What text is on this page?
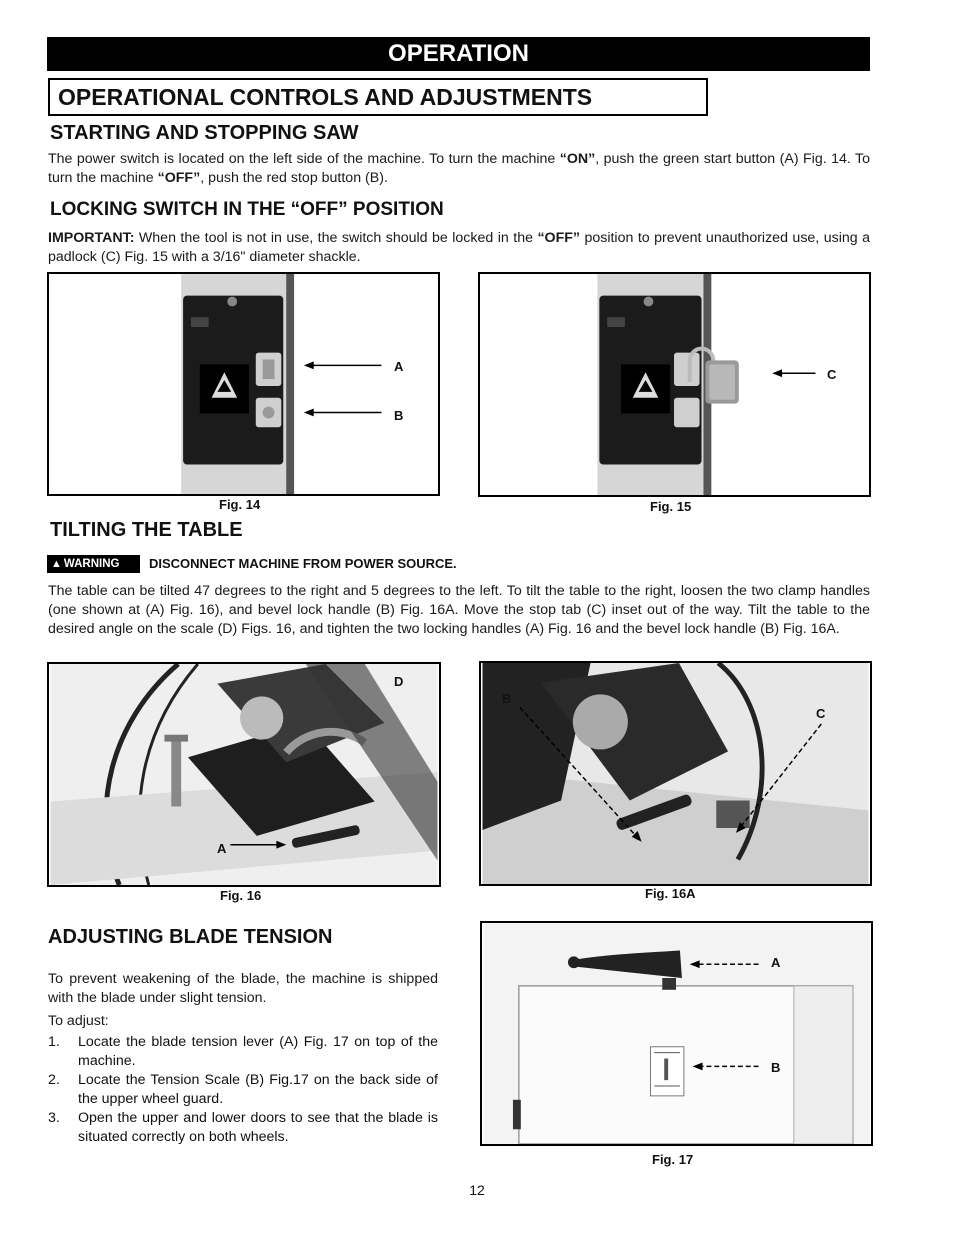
OPERATION
OPERATIONAL CONTROLS AND ADJUSTMENTS
STARTING AND STOPPING SAW

The power switch is located on the left side of the machine. To turn the machine “ON”, push the green start button (A) Fig. 14. To turn the machine “OFF”, push the red stop button (B).

LOCKING SWITCH IN THE “OFF” POSITION

IMPORTANT: When the tool is not in use, the switch should be locked in the “OFF” position to prevent unauthorized use, using a padlock (C) Fig. 15 with a 3/16" diameter shackle.

A
B
Fig. 14
C
Fig. 15
TILTING THE TABLE
▲ WARNING	DISCONNECT MACHINE FROM POWER SOURCE.

The table can be tilted 47 degrees to the right and 5 degrees to the left. To tilt the table to the right, loosen the two clamp handles (one shown at (A) Fig. 16), and bevel lock handle (B) Fig. 16A. Move the stop tab (C) inset out of the way. Tilt the table to the desired angle on the scale (D) Figs. 16, and tighten the two locking handles (A) Fig. 16 and the bevel lock handle (B) Fig. 16A.

D
A
Fig. 16
B
C
Fig. 16A
ADJUSTING BLADE TENSION

To prevent weakening of the blade, the machine is shipped with the blade under slight tension.

To adjust:

1. Locate the blade tension lever (A) Fig. 17 on top of the machine.
2. Locate the Tension Scale (B) Fig.17 on the back side of the upper wheel guard.
3. Open the upper and lower doors to see that the blade is situated correctly on both wheels.
A
B
Fig. 17
12
